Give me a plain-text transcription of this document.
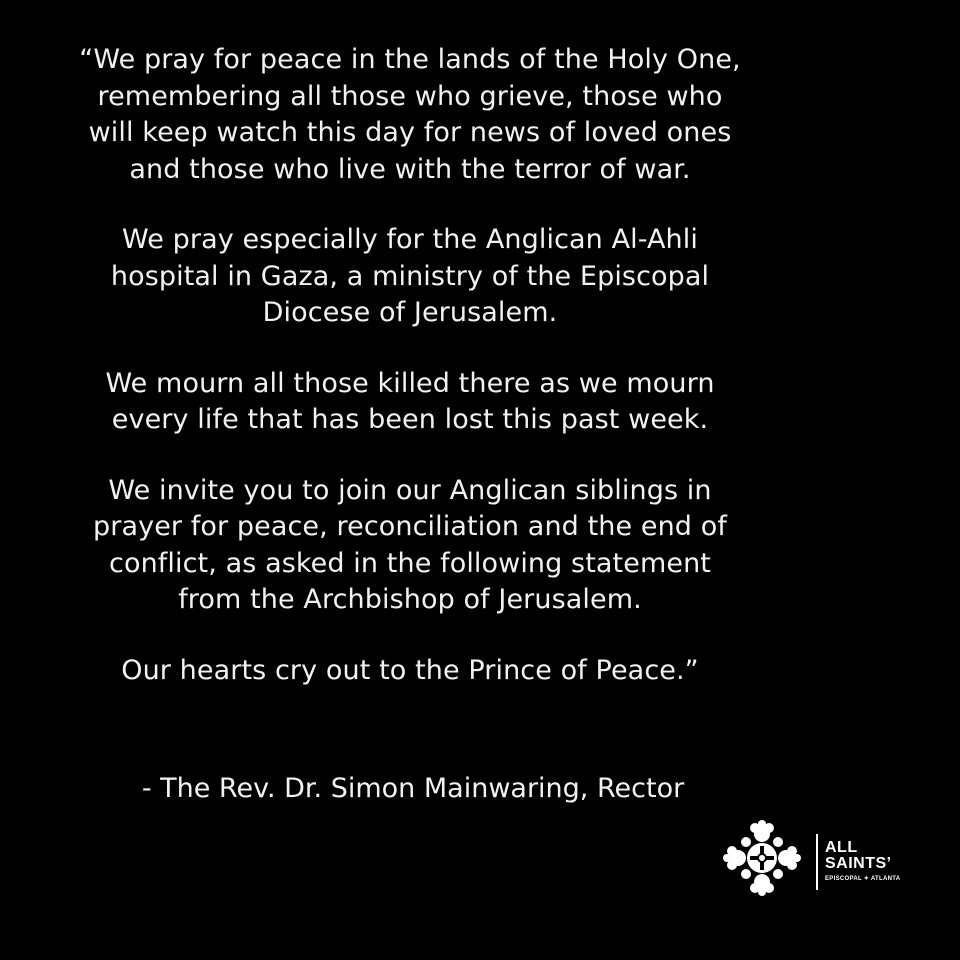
“We pray for peace in the lands of the Holy One,
remembering all those who grieve, those who
will keep watch this day for news of loved ones
and those who live with the terror of war.
We pray especially for the Anglican Al-Ahli
hospital in Gaza, a ministry of the Episcopal
Diocese of Jerusalem.
We mourn all those killed there as we mourn
every life that has been lost this past week.
We invite you to join our Anglican siblings in
prayer for peace, reconciliation and the end of
conflict, as asked in the following statement
from the Archbishop of Jerusalem.
Our hearts cry out to the Prince of Peace.”
- The Rev. Dr. Simon Mainwaring, Rector
ALL
SAINTS’
EPISCOPAL ✦ ATLANTA
